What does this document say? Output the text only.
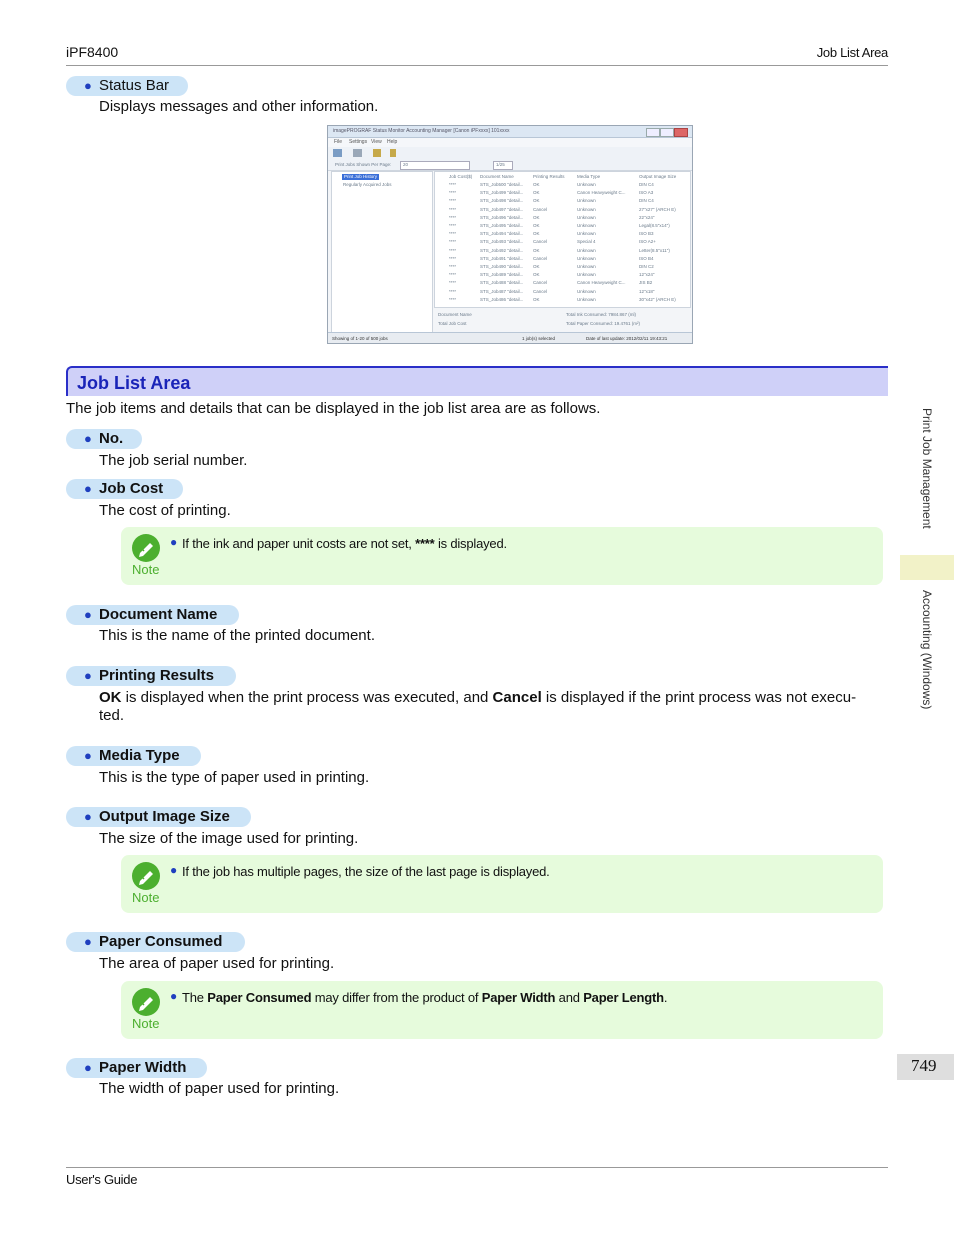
iPF8400	Job List Area
User's Guide
Print Job Management
Accounting (Windows)
749
● Status Bar
Displays messages and other information.
imagePROGRAF Status Monitor Accounting Manager [Canon iPFxxxx] 101xxxx
File Settings View Help
Print Jobs Shown Per Page:	20	1/25
Print Job History
Regularly Acquired Jobs
Job Cost($) Document Name	Printing Results	Media Type	Output Image Size
****	STS_Job500 "detail... OK	Unknown	DIN C4
****	STS_Job499 "detail... OK	Canon Heavyweight C...	ISO A3
****	STS_Job498 "detail... OK	Unknown	DIN C4
****	STS_Job497 "detail... Cancel	Unknown	27"x27" (ARCH E)
****	STS_Job496 "detail... OK	Unknown	22"x24"
****	STS_Job495 "detail... OK	Unknown	Legal(8.5"x14")
****	STS_Job494 "detail... OK	Unknown	ISO B3
****	STS_Job493 "detail... Cancel	Special 4	ISO A2+
****	STS_Job492 "detail... OK	Unknown	Letter(8.5"x11")
****	STS_Job491 "detail... Cancel	Unknown	ISO B4
****	STS_Job490 "detail... OK	Unknown	DIN C2
****	STS_Job489 "detail... OK	Unknown	12"x24"
****	STS_Job488 "detail... Cancel	Canon Heavyweight C...	JIS B2
****	STS_Job487 "detail... Cancel	Unknown	12"x18"
****	STS_Job486 "detail... OK	Unknown	30"x42" (ARCH E)
Document Name
Total Job Cost
Total Ink Consumed: 7984.867 (ml)
Total Paper Consumed: 19.4761 (m²)
Showing of 1-20 of 500 jobs	1 job(s) selected	Date of last update: 2012/02/11 19:43:21
Job List Area
The job items and details that can be displayed in the job list area are as follows.
● No.
The job serial number.
● Job Cost
The cost of printing.
Note
● If the ink and paper unit costs are not set, **** is displayed.
● Document Name
This is the name of the printed document.
● Printing Results
OK is displayed when the print process was executed, and Cancel is displayed if the print process was not execu-
ted.
● Media Type
This is the type of paper used in printing.
● Output Image Size
The size of the image used for printing.
Note
● If the job has multiple pages, the size of the last page is displayed.
● Paper Consumed
The area of paper used for printing.
Note
● The Paper Consumed may differ from the product of Paper Width and Paper Length.
● Paper Width
The width of paper used for printing.
